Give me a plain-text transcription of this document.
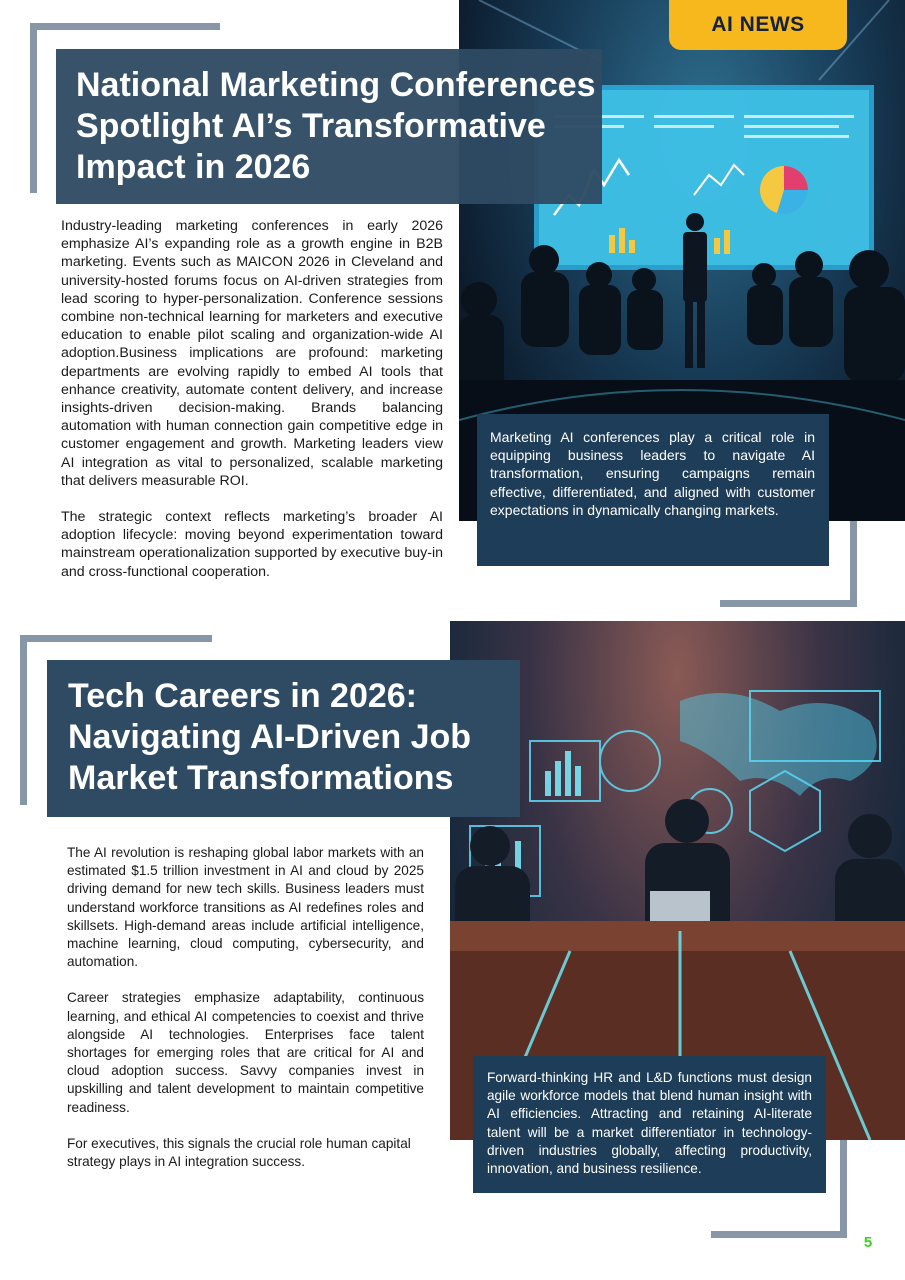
AI NEWS
National Marketing Conferences
Spotlight AI’s Transformative
Impact in 2026

Industry-leading marketing conferences in early 2026 emphasize AI’s expanding role as a growth engine in B2B marketing. Events such as MAICON 2026 in Cleveland and university-hosted forums focus on AI-driven strategies from lead scoring to hyper-personalization. Conference sessions combine non-technical learning for marketers and executive education to enable pilot scaling and organization-wide AI adoption.Business implications are profound: marketing departments are evolving rapidly to embed AI tools that enhance creativity, automate content delivery, and increase insights-driven decision-making. Brands balancing automation with human connection gain competitive edge in customer engagement and growth. Marketing leaders view AI integration as vital to personalized, scalable marketing that delivers measurable ROI.

The strategic context reflects marketing’s broader AI adoption lifecycle: moving beyond experimentation toward mainstream operationalization supported by executive buy-in and cross-functional cooperation.

Marketing AI conferences play a critical role in equipping business leaders to navigate AI transformation, ensuring campaigns remain effective, differentiated, and aligned with customer expectations in dynamically changing markets.
Tech Careers in 2026:
Navigating AI-Driven Job
Market Transformations

The AI revolution is reshaping global labor markets with an estimated $1.5 trillion investment in AI and cloud by 2025 driving demand for new tech skills. Business leaders must understand workforce transitions as AI redefines roles and skillsets. High-demand areas include artificial intelligence, machine learning, cloud computing, cybersecurity, and automation.

Career strategies emphasize adaptability, continuous learning, and ethical AI competencies to coexist and thrive alongside AI technologies. Enterprises face talent shortages for emerging roles that are critical for AI and cloud adoption success. Savvy companies invest in upskilling and talent development to maintain competitive readiness.

For executives, this signals the crucial role human capital strategy plays in AI integration success.

Forward-thinking HR and L&D functions must design agile workforce models that blend human insight with AI efficiencies. Attracting and retaining AI-literate talent will be a market differentiator in technology-driven industries globally, affecting productivity, innovation, and business resilience.
5
